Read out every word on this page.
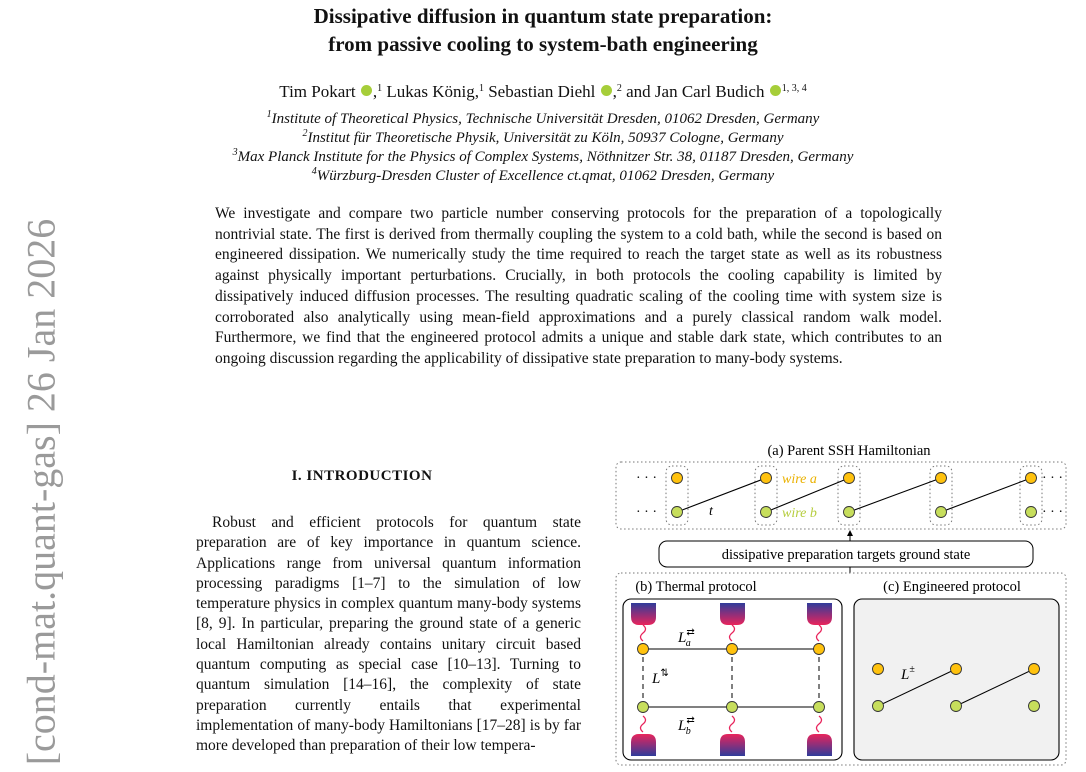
Dissipative diffusion in quantum state preparation:
from passive cooling to system-bath engineering
Tim Pokart ,$^1$ Lukas König,$^1$ Sebastian Diehl ,$^2$ and Jan Carl Budich $^{1, 3, 4}$
$^1$Institute of Theoretical Physics, Technische Universität Dresden, 01062 Dresden, Germany
$^2$Institut für Theoretische Physik, Universität zu Köln, 50937 Cologne, Germany
$^3$Max Planck Institute for the Physics of Complex Systems, Nöthnitzer Str. 38, 01187 Dresden, Germany
$^4$Würzburg-Dresden Cluster of Excellence ct.qmat, 01062 Dresden, Germany
We investigate and compare two particle number conserving protocols for the preparation of a topologically nontrivial state. The first is derived from thermally coupling the system to a cold bath, while the second is based on engineered dissipation. We numerically study the time required to reach the target state as well as its robustness against physically important perturbations. Crucially, in both protocols the cooling capability is limited by dissipatively induced diffusion processes. The resulting quadratic scaling of the cooling time with system size is corroborated also analytically using mean-field approximations and a purely classical random walk model. Furthermore, we find that the engineered protocol admits a unique and stable dark state, which contributes to an ongoing discussion regarding the applicability of dissipative state preparation to many-body systems.
[cond-mat.quant-gas] 26 Jan 2026	I. INTRODUCTION
Robust and efficient protocols for quantum state preparation are of key importance in quantum science. Applications range from universal quantum information processing paradigms [1–7] to the simulation of low temperature physics in complex quantum many-body systems [8, 9]. In particular, preparing the ground state of a generic local Hamiltonian already contains unitary circuit based quantum computing as special case [10–13]. Turning to quantum simulation [14–16], the complexity of state preparation currently entails that experimental implementation of many-body Hamiltonians [17–28] is by far more developed than preparation of their low tempera-
(a) Parent SSH Hamiltonian
· · ·
· · ·
· · ·
· · ·
wire a
wire b
t
dissipative preparation targets ground state
(b) Thermal protocol	(c) Engineered protocol
L⇄ a
L⇅
L⇄ b
L±
